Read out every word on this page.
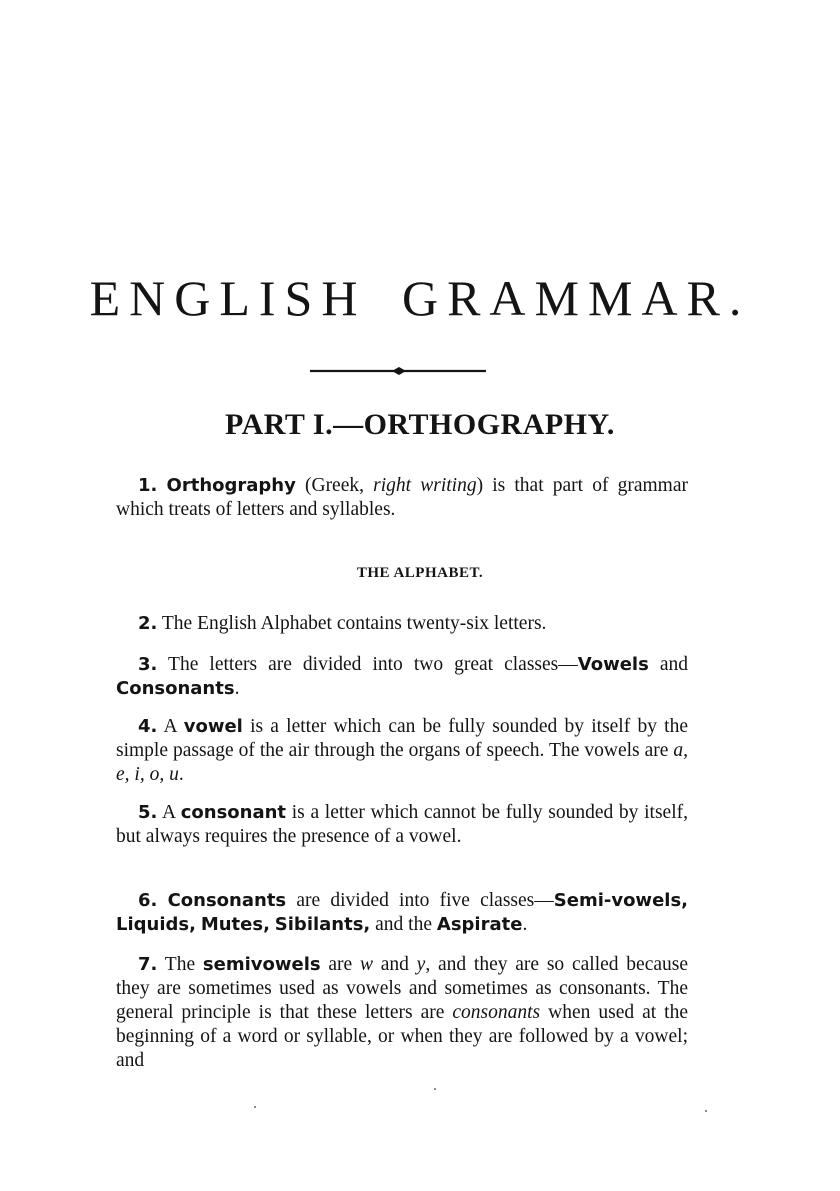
ENGLISH GRAMMAR.
PART I.—ORTHOGRAPHY.

1. Orthography (Greek, right writing) is that part of grammar which treats of letters and syllables.

THE ALPHABET.

2. The English Alphabet contains twenty-six letters.

3. The letters are divided into two great classes—Vowels and Consonants.

4. A vowel is a letter which can be fully sounded by itself by the simple passage of the air through the organs of speech. The vowels are a, e, i, o, u.

5. A consonant is a letter which cannot be fully sounded by itself, but always requires the presence of a vowel.

6. Consonants are divided into five classes—Semi-vowels, Liquids, Mutes, Sibilants, and the Aspirate.

7. The semivowels are w and y, and they are so called because they are sometimes used as vowels and sometimes as consonants. The general principle is that these letters are consonants when used at the beginning of a word or syllable, or when they are followed by a vowel; and
